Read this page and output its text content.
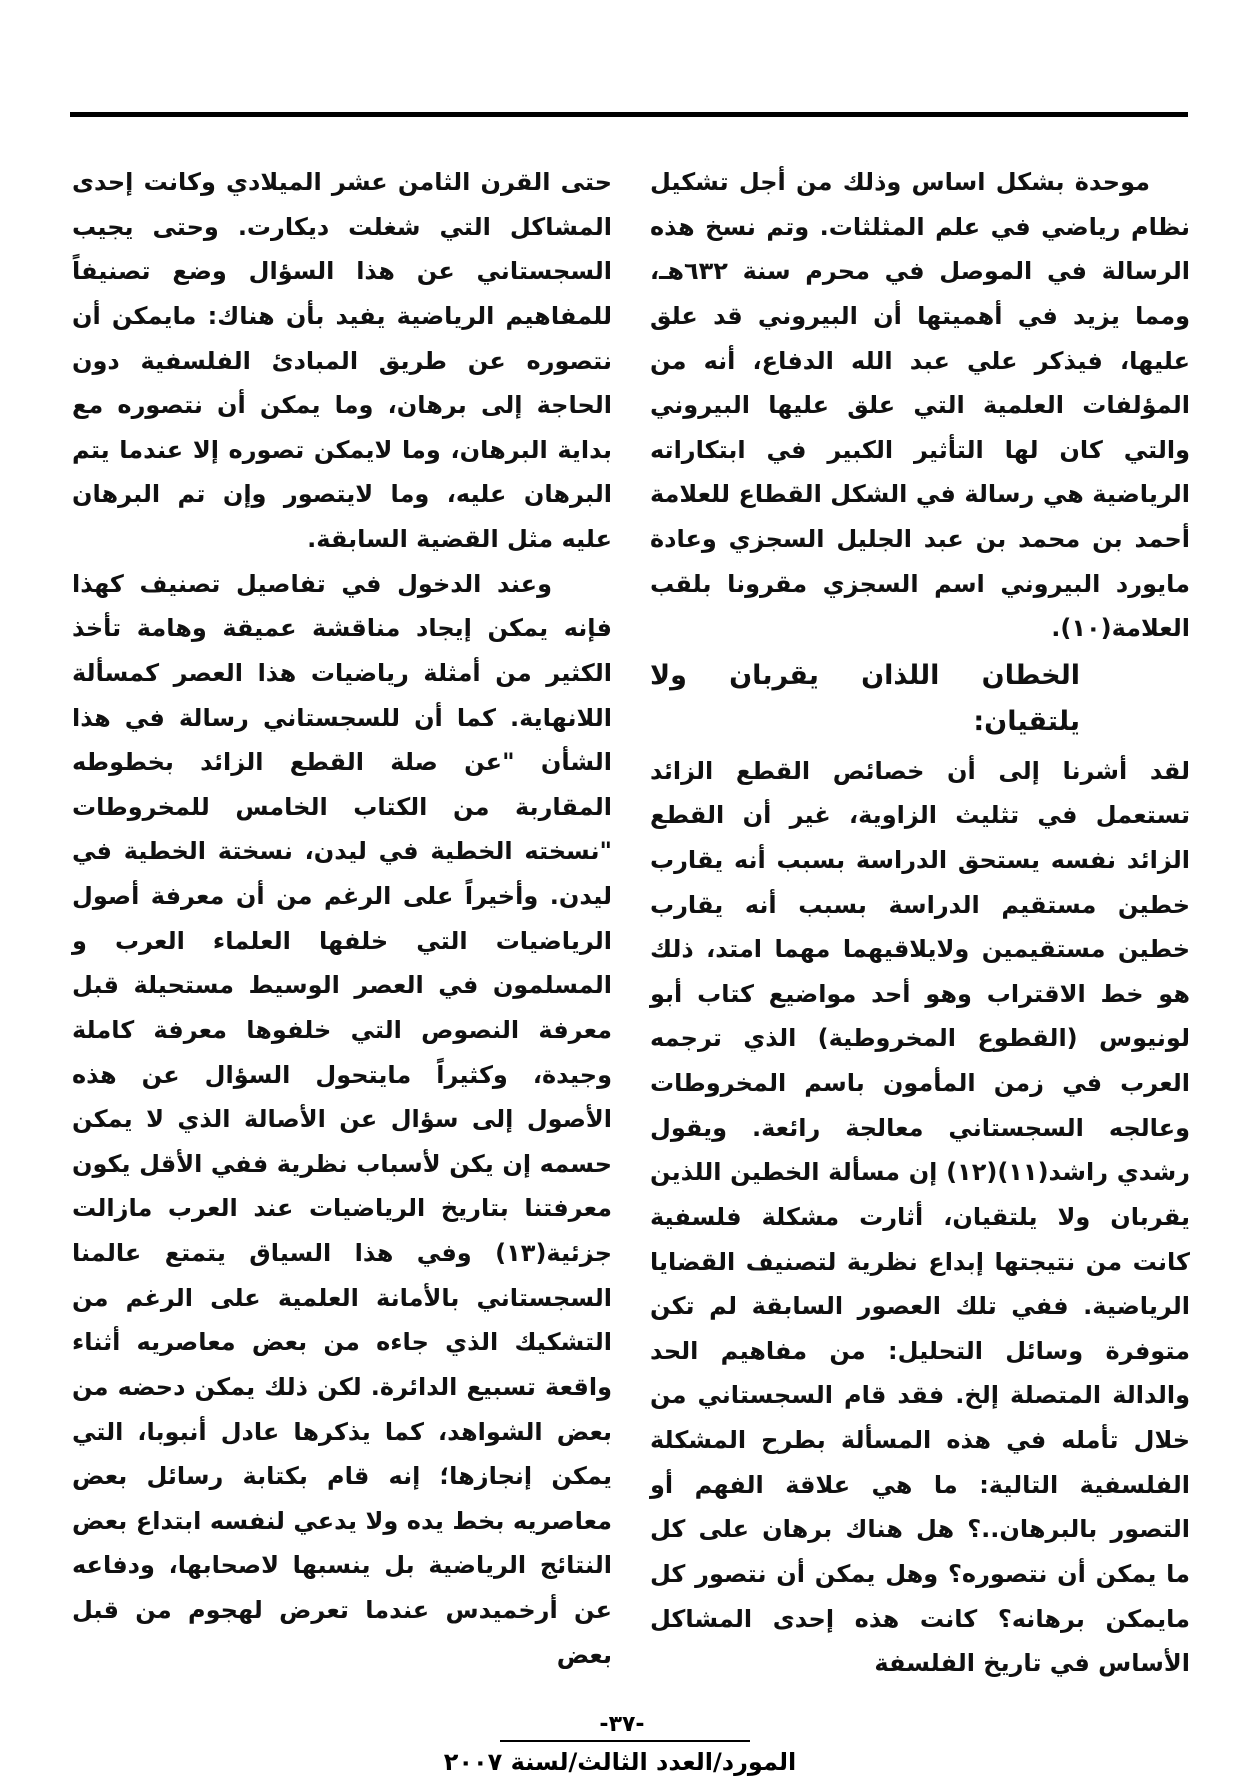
موحدة بشكل اساس وذلك من أجل تشكيل نظام رياضي في علم المثلثات. وتم نسخ هذه الرسالة في الموصل في محرم سنة ٦٣٢هـ، ومما يزيد في أهميتها أن البيروني قد علق عليها، فيذكر علي عبد الله الدفاع، أنه من المؤلفات العلمية التي علق عليها البيروني والتي كان لها التأثير الكبير في ابتكاراته الرياضية هي رسالة في الشكل القطاع للعلامة أحمد بن محمد بن عبد الجليل السجزي وعادة مايورد البيروني اسم السجزي مقرونا بلقب العلامة(١٠).

الخطان اللذان يقربان ولا يلتقيان:

لقد أشرنا إلى أن خصائص القطع الزائد تستعمل في تثليث الزاوية، غير أن القطع الزائد نفسه يستحق الدراسة بسبب أنه يقارب خطين مستقيم الدراسة بسبب أنه يقارب خطين مستقيمين ولايلاقيهما مهما امتد، ذلك هو خط الاقتراب وهو أحد مواضيع كتاب أبو لونيوس (القطوع المخروطية) الذي ترجمه العرب في زمن المأمون باسم المخروطات وعالجه السجستاني معالجة رائعة. ويقول رشدي راشد(١١)(١٢) إن مسألة الخطين اللذين يقربان ولا يلتقيان، أثارت مشكلة فلسفية كانت من نتيجتها إبداع نظرية لتصنيف القضايا الرياضية. ففي تلك العصور السابقة لم تكن متوفرة وسائل التحليل: من مفاهيم الحد والدالة المتصلة إلخ. فقد قام السجستاني من خلال تأمله في هذه المسألة بطرح المشكلة الفلسفية التالية: ما هي علاقة الفهم أو التصور بالبرهان..؟ هل هناك برهان على كل ما يمكن أن نتصوره؟ وهل يمكن أن نتصور كل مايمكن برهانه؟ كانت هذه إحدى المشاكل الأساس في تاريخ الفلسفة

حتى القرن الثامن عشر الميلادي وكانت إحدى المشاكل التي شغلت ديكارت. وحتى يجيب السجستاني عن هذا السؤال وضع تصنيفاً للمفاهيم الرياضية يفيد بأن هناك: مايمكن أن نتصوره عن طريق المبادئ الفلسفية دون الحاجة إلى برهان، وما يمكن أن نتصوره مع بداية البرهان، وما لايمكن تصوره إلا عندما يتم البرهان عليه، وما لايتصور وإن تم البرهان عليه مثل القضية السابقة.

وعند الدخول في تفاصيل تصنيف كهذا فإنه يمكن إيجاد مناقشة عميقة وهامة تأخذ الكثير من أمثلة رياضيات هذا العصر كمسألة اللانهاية. كما أن للسجستاني رسالة في هذا الشأن "عن صلة القطع الزائد بخطوطه المقاربة من الكتاب الخامس للمخروطات "نسخته الخطية في ليدن، نسختة الخطية في ليدن. وأخيراً على الرغم من أن معرفة أصول الرياضيات التي خلفها العلماء العرب و المسلمون في العصر الوسيط مستحيلة قبل معرفة النصوص التي خلفوها معرفة كاملة وجيدة، وكثيراً مايتحول السؤال عن هذه الأصول إلى سؤال عن الأصالة الذي لا يمكن حسمه إن يكن لأسباب نظرية ففي الأقل يكون معرفتنا بتاريخ الرياضيات عند العرب مازالت جزئية(١٣) وفي هذا السياق يتمتع عالمنا السجستاني بالأمانة العلمية على الرغم من التشكيك الذي جاءه من بعض معاصريه أثناء واقعة تسبيع الدائرة. لكن ذلك يمكن دحضه من بعض الشواهد، كما يذكرها عادل أنبوبا، التي يمكن إنجازها؛ إنه قام بكتابة رسائل بعض معاصريه بخط يده ولا يدعي لنفسه ابتداع بعض النتائج الرياضية بل ينسبها لاصحابها، ودفاعه عن أرخميدس عندما تعرض لهجوم من قبل بعض

-٣٧-
المورد/العدد الثالث/لسنة ٢٠٠٧
